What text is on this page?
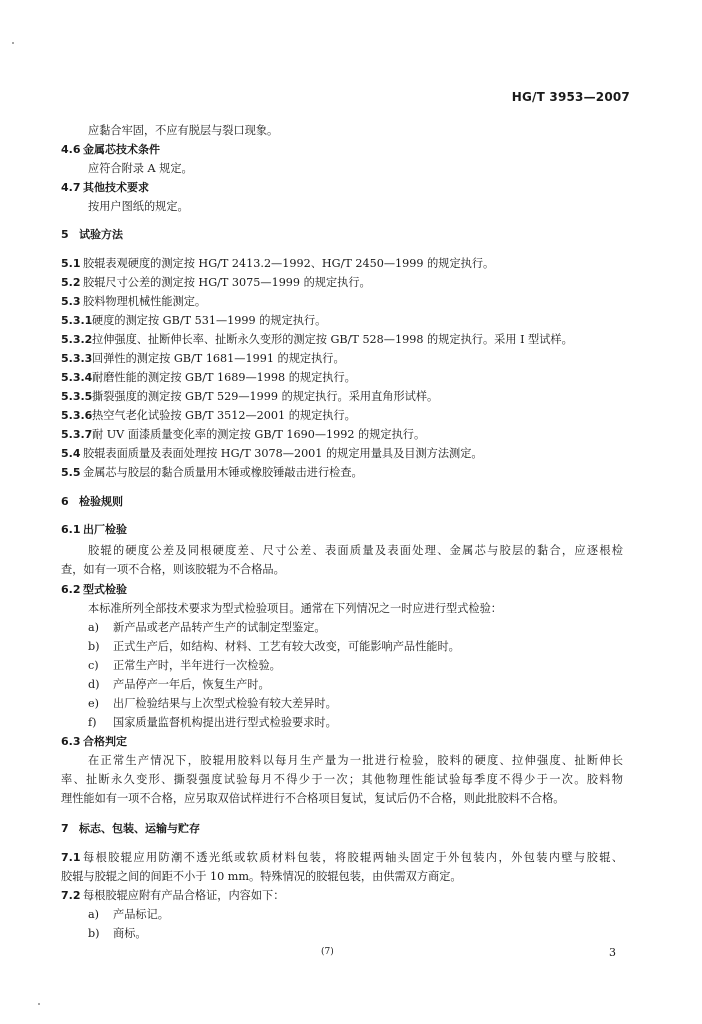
HG/T 3953—2007
应黏合牢固，不应有脱层与裂口现象。
4.6 金属芯技术条件
应符合附录 A 规定。
4.7 其他技术要求
按用户图纸的规定。
5 试验方法
5.1 胶辊表观硬度的测定按 HG/T 2413.2—1992、HG/T 2450—1999 的规定执行。
5.2 胶辊尺寸公差的测定按 HG/T 3075—1999 的规定执行。
5.3 胶料物理机械性能测定。
5.3.1 硬度的测定按 GB/T 531—1999 的规定执行。
5.3.2 拉伸强度、扯断伸长率、扯断永久变形的测定按 GB/T 528—1998 的规定执行。采用 I 型试样。
5.3.3 回弹性的测定按 GB/T 1681—1991 的规定执行。
5.3.4 耐磨性能的测定按 GB/T 1689—1998 的规定执行。
5.3.5 撕裂强度的测定按 GB/T 529—1999 的规定执行。采用直角形试样。
5.3.6 热空气老化试验按 GB/T 3512—2001 的规定执行。
5.3.7 耐 UV 面漆质量变化率的测定按 GB/T 1690—1992 的规定执行。
5.4 胶辊表面质量及表面处理按 HG/T 3078—2001 的规定用量具及目测方法测定。
5.5 金属芯与胶层的黏合质量用木锤或橡胶锤敲击进行检查。
6 检验规则
6.1 出厂检验
胶辊的硬度公差及同根硬度差、尺寸公差、表面质量及表面处理、金属芯与胶层的黏合，应逐根检
查，如有一项不合格，则该胶辊为不合格品。
6.2 型式检验
本标准所列全部技术要求为型式检验项目。通常在下列情况之一时应进行型式检验：
a) 新产品或老产品转产生产的试制定型鉴定。
b) 正式生产后，如结构、材料、工艺有较大改变，可能影响产品性能时。
c) 正常生产时，半年进行一次检验。
d) 产品停产一年后，恢复生产时。
e) 出厂检验结果与上次型式检验有较大差异时。
f) 国家质量监督机构提出进行型式检验要求时。
6.3 合格判定
在正常生产情况下，胶辊用胶料以每月生产量为一批进行检验，胶料的硬度、拉伸强度、扯断伸长
率、扯断永久变形、撕裂强度试验每月不得少于一次；其他物理性能试验每季度不得少于一次。胶料物
理性能如有一项不合格，应另取双倍试样进行不合格项目复试，复试后仍不合格，则此批胶料不合格。
7 标志、包装、运输与贮存
7.1 每根胶辊应用防潮不透光纸或软质材料包装，将胶辊两轴头固定于外包装内，外包装内壁与胶辊、
胶辊与胶辊之间的间距不小于 10 mm。特殊情况的胶辊包装，由供需双方商定。
7.2 每根胶辊应附有产品合格证，内容如下：
a) 产品标记。
b) 商标。
(7)	3
